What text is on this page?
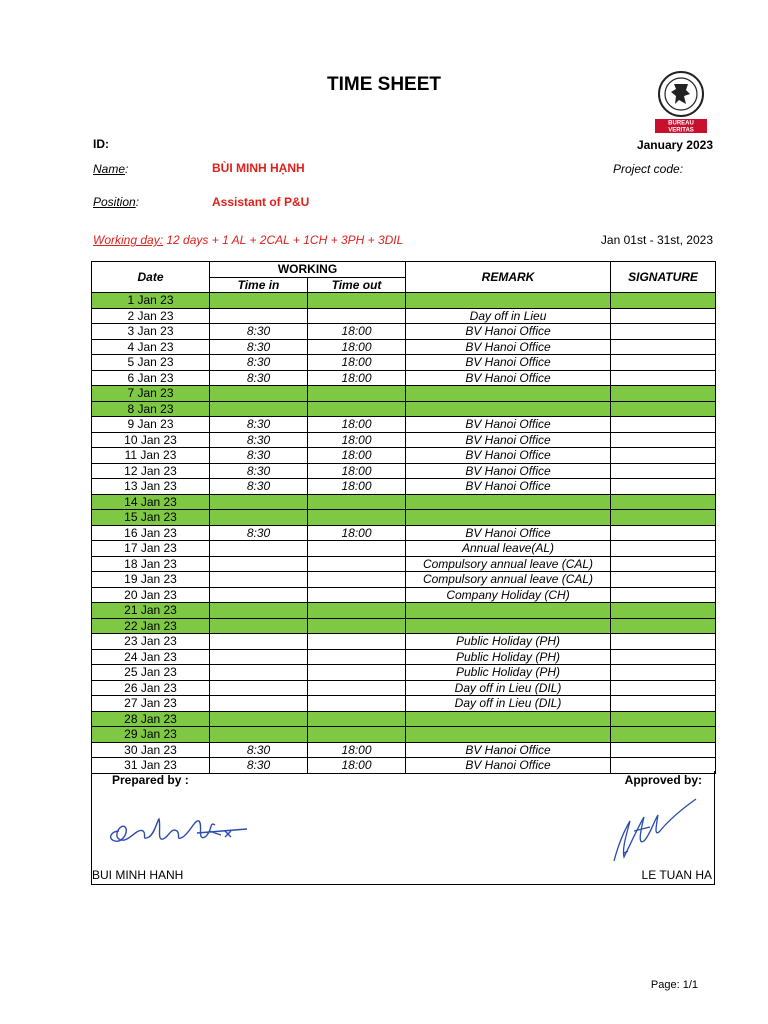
TIME SHEET
BUREAU
VERITAS
ID:	January 2023
Name:	BÙI MINH HẠNH	Project code:
Position:	Assistant of P&U
Working day: 12 days + 1 AL + 2CAL + 1CH + 3PH + 3DIL	Jan 01st - 31st, 2023
Date	WORKING		REMARK	SIGNATURE
	Time in	Time out		
1 Jan 23				
2 Jan 23			Day off in Lieu	
3 Jan 23	8:30	18:00	BV Hanoi Office	
4 Jan 23	8:30	18:00	BV Hanoi Office	
5 Jan 23	8:30	18:00	BV Hanoi Office	
6 Jan 23	8:30	18:00	BV Hanoi Office	
7 Jan 23				
8 Jan 23				
9 Jan 23	8:30	18:00	BV Hanoi Office	
10 Jan 23	8:30	18:00	BV Hanoi Office	
11 Jan 23	8:30	18:00	BV Hanoi Office	
12 Jan 23	8:30	18:00	BV Hanoi Office	
13 Jan 23	8:30	18:00	BV Hanoi Office	
14 Jan 23				
15 Jan 23				
16 Jan 23	8:30	18:00	BV Hanoi Office	
17 Jan 23			Annual leave(AL)	
18 Jan 23			Compulsory annual leave (CAL)	
19 Jan 23			Compulsory annual leave (CAL)	
20 Jan 23			Company Holiday (CH)	
21 Jan 23				
22 Jan 23				
23 Jan 23			Public Holiday (PH)	
24 Jan 23			Public Holiday (PH)	
25 Jan 23			Public Holiday (PH)	
26 Jan 23			Day off in Lieu (DIL)	
27 Jan 23			Day off in Lieu (DIL)	
28 Jan 23				
29 Jan 23				
30 Jan 23	8:30	18:00	BV Hanoi Office	
31 Jan 23	8:30	18:00	BV Hanoi Office	
Prepared by :	Approved by:
BUI MINH HANH	LE TUAN HA
Page: 1/1
